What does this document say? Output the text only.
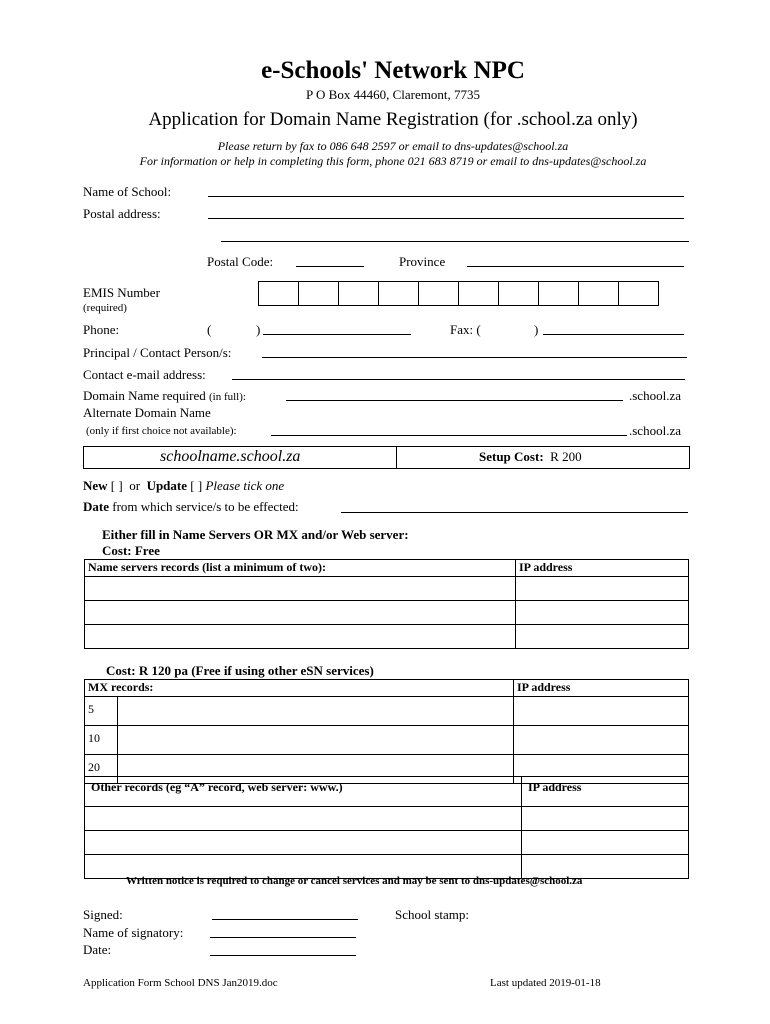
e-Schools' Network NPC
P O Box 44460, Claremont, 7735
Application for Domain Name Registration (for .school.za only)
Please return by fax to 086 648 2597 or email to dns-updates@school.za
For information or help in completing this form, phone 021 683 8719 or email to dns-updates@school.za
Name of School:
Postal address:
Postal Code:	Province
EMIS Number
(required)
Phone:	(	)	Fax: (	)
Principal / Contact Person/s:
Contact e-mail address:
Domain Name required (in full):	.school.za
Alternate Domain Name
(only if first choice not available):	.school.za
schoolname.school.za	Setup Cost: R 200
New [ ] or Update [ ] Please tick one
Date from which service/s to be effected:
Either fill in Name Servers OR MX and/or Web server:
Cost: Free
Name servers records (list a minimum of two):	IP address

Cost: R 120 pa (Free if using other eSN services)
MX records:		IP address
5		
10		
20		
Other records (eg “A” record, web server: www.)	IP address

Written notice is required to change or cancel services and may be sent to dns-updates@school.za
Signed:	School stamp:
Name of signatory:
Date:
Application Form School DNS Jan2019.doc	Last updated 2019-01-18
